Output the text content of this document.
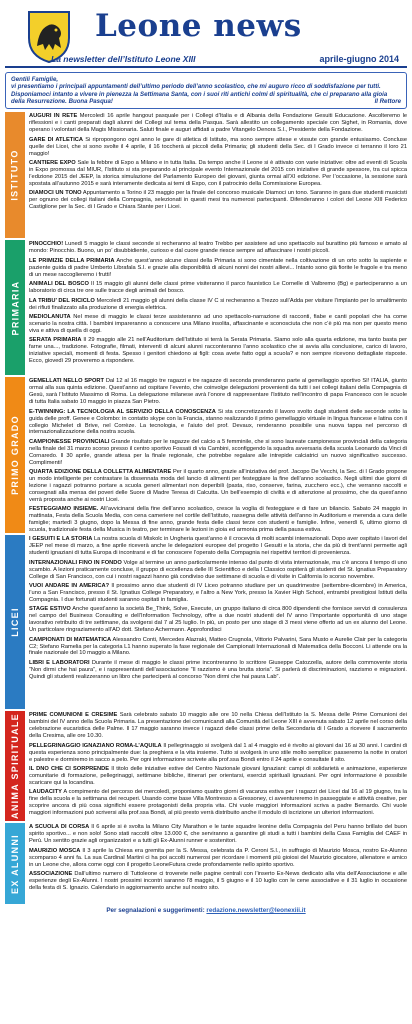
Leone news
La newsletter dell’Istituto Leone XIII	aprile-giugno 2014
Gentili Famiglie,
vi presentiamo i principali appuntamenti dell’ultimo periodo dell’anno scolastico, che mi auguro ricco di soddisfazione per tutti. Disponiamoci intanto a vivere in pienezza la Settimana Santa, con i suoi riti antichi colmi di spiritualità, che ci preparano alla gioia della Resurrezione. Buona Pasqua!	Il Rettore
ISTITUTO
AUGURI IN RETE Mercoledì 16 aprile hangout pasquale per i Collegi d’Italia e di Albania della Fondazione Gesuiti Educazione. Ascolteremo le riflessioni e i canti preparati dagli alunni del Collegi sul tema della Pasqua. Sarà allestito un collegamento speciale con Sighet, in Romania, dove operano i volontari della Magis Missionaria. Saluti finale e auguri affidati a padre Vitangelo Denora S.I., Presidente della Fondazione.
GARE DI ATLETICA Si ripropongono ogni anno le gare di atletica di Istituto, ma sono sempre attese e vissute con grande entusiasmo. Concluse quelle dei Licei, che si sono svolte il 4 aprile, il 16 toccherà ai piccoli della Primaria; gli studenti della Sec. di I Grado invece ci terranno il loro 21 maggio!
CANTIERE EXPO Sale la febbre di Expo a Milano e in tutta Italia. Da tempo anche il Leone si è attivato con varie iniziative: oltre ad eventi di Scuola in Expo promossa dal MIUR, l’Istituto si sta preparando al principale evento Internazionale del 2015 con iniziative di grande spessore, tra cui spicca l’edizione 2015 del JEEP, la storica simulazione del Parlamento Europeo dei giovani, giunta ormai all’XI edizione. Per l’occasione, la sessione sarà spostata all’autunno 2015 e sarà interamente dedicata ai temi di Expo, con il patrocinio della Commissione Europea.
DIAMOCI UN TONO Appuntamento a Torino il 23 maggio per la finale del concorso musicale Diamoci un tono. Saranno in gara due studenti musicisti per ognuno dei collegi italiani della Compagnia, selezionati in questi mesi tra numerosi partecipanti. Difenderanno i colori del Leone XIII Federico Castiglione per la Sec. di I Grado e Chiara Stante per i Licei.
PRIMARIA
PINOCCHIO! Lunedì 5 maggio le classi seconde si recheranno al teatro Trebbo per assistere ad uno spettacolo sul burattino più famoso e amato al mondo: Pinocchio. Buono, un po’ disubbidiente, curioso e dal cuore grande riesce sempre ad affascinare i nostri piccoli.
LE PRIMIZIE DELLA PRIMARIA Anche quest’anno alcune classi della Primaria si sono cimentate nella coltivazione di un orto sotto la sapiente e paziente guida di padre Umberto Librafala S.I. e grazie alla disponibilità di alcuni nonni dei nostri allievi... Intanto sono già fiorite le fragole e tra meno di un mese raccoglieremo i frutti!
ANIMALI DEL BOSCO Il 15 maggio gli alunni delle classi prime visiteranno il parco faunistico Le Cornelle di Valbremo (Bg) e parteciperanno a un laboratorio di circa tre ore sulle tracce degli animali del bosco.
LA TRIBU’ DEL RICICLO Mercoledì 21 maggio gli alunni della classe IV C si recheranno a Trezzo sull’Adda per visitare l’impianto per lo smaltimento dei rifiuti finalizzato alla produzione di energia elettrica.
MEDIOLANUTA Nel mese di maggio le classi terze assisteranno ad uno spettacolo-narrazione di racconti, fiabe e canti popolari che ha come scenario la nostra città. I bambini impareranno a conoscere una Milano insolita, affascinante e sconosciuta che non c’è più ma non per questo meno viva e attiva di quella di oggi.
SERATA PRIMARIA Il 29 maggio alle 21 nell’Auditorium dell’Istituto si terrà la Serata Primaria. Siamo solo alla quarta edizione, ma tanto basta per farne una..., tradizione. Fotografie, filmati, interventi di alcuni alunni racconteranno l’anno scolastico che si avvia alla conclusione, carico di lavoro, iniziative speciali, momenti di festa. Spesso i genitori chiedono ai figli: cosa avete fatto oggi a scuola? e non sempre ricevono dettagliate risposte. Ecco, giovedì 29 proveremo a rispondere.
PRIMO GRADO
GEMELLATI NELLO SPORT Dal 12 al 16 maggio tre ragazzi e tre ragazze di seconda prenderanno parte al gemellaggio sportivo SI! ITALIA, giunto ormai alla sua quinta edizione. Quest’anno ad ospitare l’evento, che coinvolge delegazioni provenienti da tutti i sei collegi italiani della Compagnia di Gesù, sarà l’Istituto Massimo di Roma. La delegazione milanese avrà l’onore di rappresentare l’Istituto nell’incontro di papa Francesco con le scuole di tutta Italia sabato 10 maggio in piazza San Pietro.
E-TWINNING: LA TECNOLOGIA AL SERVIZIO DELLA CONOSCENZA Si sta concretizzando il lavoro svolto dagli studenti delle seconde sotto la guida delle proff. Genee e Colombo: in contatto skype con la Francia, stanno realizzando il primo gemellaggio virtuale in lingua francese e latina con il collegio Michelet di Brive, nel Corrèze. La tecnologia, e l’aiuto del prof. Devaux, renderanno possibile una nuova tappa nel percorso di internazionalizzazione della nostra scuola.
CAMPIONESSE PROVINCIALI Grande risultato per le ragazze del calcio a 5 femminile, che si sono laureate campionesse provinciali della categoria nella finale del 31 marzo scorso presso il centro sportivo Fossati di via Cambini, sconfiggendo la squadra avversaria della scuola Leonardo da Vinci di Cornaredo. Il 30 aprile, grande attesa per la finale regionale, che potrebbe regalare alle intrepide calciatrici un nuovo significativo successo. Complimenti!
QUARTA EDIZIONE DELLA COLLETTA ALIMENTARE Per il quarto anno, grazie all’iniziativa del prof. Jacopo De Vecchi, la Sec. di I Grado propone un modo intelligente per contrastare la dissennata moda del lancio di alimenti per festeggiare la fine dell’anno scolastico. Negli ultimi due giorni di lezione i ragazzi potranno portare a scuola generi alimentari non deperibili (pasta, riso, conserve, farina, zucchero ecc.), che verranno raccolti e consegnati alla mensa dei poveri delle Suore di Madre Teresa di Calcutta. Un bell’esempio di civiltà e di attenzione al prossimo, che da quest’anno verrà proposta anche ai nostri Licei.
FESTEGGIAMO INSIEME. All’avvicinarsi della fine dell’anno scolastico, cresce la voglia di festeggiare e di fare un bilancio. Sabato 24 maggio in mattinata, Festa della Scuola Media, con cena cameriere nel cortile dell’Istituto, rassegna delle attività dell’anno in Auditorium e merenda a cura delle famiglie; martedì 3 giugno, dopo la Messa di fine anno, grande festa delle classi terze con studenti e famiglie. Infine, venerdì 6, ultimo giorno di scuola, tradizionale festa della Musica in teatro, per terminare le lezioni in gioia ed armonia prima della pausa estiva.
LICEI
I GESUITI E LA STORIA La nostra scuola di Miskolc in Ungheria quest’anno è il crocevia di molti scambi internazionali. Dopo aver ospitato i lavori del JEEP nel mese di marzo, a fine aprile riceverà anche le delegazioni europee del progetto I Gesuiti e la storia, che da più di trent’anni permette agli studenti ignaziani di tutta Europa di incontrarsi e di far conoscere l’operato della Compagnia nei rispettivi territori di provenienza.
INTERNAZIONALI FINO IN FONDO Volge al termine un anno particolarmente intenso dal punto di vista internazionale, ma c’è ancora il tempo di uno scambio. A lezioni praticamente concluse, il gruppo di eccellenza delle III Scientifico e della I Classico ospiterà gli studenti del St. Ignatius Preparatory College di San Francisco, con cui i nostri ragazzi hanno già condiviso due settimane di scuola e di visite in California lo scorso novembre.
VUOI ANDARE IN AMERICA? Il prossimo anno due studenti di IV Liceo potranno studiare per un quadrimestre (settembre-dicembre) in America, l’uno a San Francisco, presso il St. Ignatius College Preparatory, e l’altro a New York, presso la Xavier High School, entrambi prestigiosi Istituti della Compagnia. I due fortunati studenti saranno ospitati in famiglia.
STAGE ESTIVO Anche quest’anno la società Be_Think, Solve, Execute, un gruppo italiano di circa 800 dipendenti che fornisce servizi di consulenza nel campo del Business Consulting e dell’Information Technology, offre a due nostri studenti del IV anno l’importante opportunità di uno stage lavorativo retribuito di tre settimane, da svolgersi dal 7 al 25 luglio. In più, un posto per uno stage di 3 mesi viene offerto ad un ex alunno del Leone. Un particolare ringraziamento all’AD dott. Stefano Achermann. Approfondisci
CAMPIONATI DI MATEMATICA Alessandro Conti, Mercedes Alazraki, Matteo Crugnola, Vittorio Palvarini, Sara Musto e Aurelie Clair per la categoria C2; Stefano Ramelia per la categoria L1 hanno superato la fase regionale dei Campionati Internazionali di Matematica della Bocconi. Li attende ora la finale nazionale del 10 maggio a Milano.
LIBRI E LABORATORI Durante il mese di maggio le classi prime incontreranno lo scrittore Giuseppe Catozzella, autore della commovente storia “Non dirmi che hai paura”, e i rappresentanti dell’associazione “Il razzismo è una brutta storia”. Si parlerà di discriminazioni, razzismo e migrazioni. Quindi gli studenti realizzeranno un libro che parteciperà al concorso “Non dirmi che hai paura Lab”.
ANIMA SPIRITUALE PRIME COMUNIONI E CRESIME Sarà celebrato sabato 10 maggio alle ore 10 nella Chiesa dell’Istituto la S. Messa delle Prime Comunioni dei bambini del IV anno della Scuola Primaria. La presentazione dei comunicandi alla Comunità del Leone XIII è avvenuta sabato 12 aprile nel corso della celebrazione eucaristica delle Palme. Il 17 maggio saranno invece i ragazzi delle classi prime della Secondaria di I Grado a ricevere il sacramento della Cresima, alle ore 10.30.
PELLEGRINAGGIO IGNAZIANO ROMA-L’AQUILA Il pellegrinaggio si svolgerà dal 1 al 4 maggio ed è rivolto ai giovani dai 16 ai 30 anni. I cardini di questa esperienza sono principalmente due: la preghiera e la vita insieme. Tutto si svolgerà in uno stile molto semplice: passeremo la notte in oratori e palestre e dormiremo in sacco a pelo. Per ogni informazione scrivete alla prof.ssa Bondi entro il 24 aprile e consultate il sito.
IL DNO CHE CI SORPRENDE Il titolo delle iniziative estive del Centro Nazionale giovani Ignaziani: campi di solidarietà e animazione, esperienze comunitarie di formazione, pellegrinaggi, settimane bibliche, itinerari per orientarsi, esercizi spirituali ignaziani. Per ogni informazione è possibile scaricare qui la locandina.
LAUDACITY A compimento del percorso dei mercoledì, proponiamo quattro giorni di vacanza estiva per i ragazzi dei Licei dal 16 al 19 giugno, tra la fine della scuola e la settimana dei recuperi. Usando come base Villa Montresso a Gressoney, ci avventureremo in passeggiate e attività creative, per scoprire ancora di più cosa significhi essere protagonisti della propria vita. Chi vuole maggiori informazioni scriva a padre Bernardo. Chi vuole maggiori informazioni può scriversi alla prof.ssa Bondi, al più presto verrà distribuito anche il modulo di iscrizione un ulteriori informazioni.
EX ALUNNI
A SCUOLA DI CORSA Il 6 aprile si è svolta la Milano City Marathon e le tante squadre leonine della Compagnia del Peru hanno brillato del buon spirito sportivo... e non solo! Sono stati raccolti oltre 13.000 €, che serviranno a garantire gli studi a tutti i bambini della Casa Famiglia del CAEF in Perù. Un sentito grazie agli organizzatori e a tutti gli Ex-Alunni runner e sostenitori.
MAURIZIO MOSCA Il 3 aprile la Chiesa era gremita per la S. Messa, celebrata da P. Ceroni S.I., in suffragio di Maurizio Mosca, nostro Ex-Alunno scomparso 4 anni fa. La sua Cardinal Martini ci ha poi accolti numerosi per ricordare i momenti più gioiosi del Maurizio giocatore, allenatore e amico in un Leone che, allora come oggi con il progetto LeoneFutura crede profondamente nello spirito sportivo.
ASSOCIAZIONE Dall’ultimo numero di Tuttoleone ci troverete nelle pagine centrali con l’inserto Ex-News dedicato alla vita dell’Associazione e alle esperienze degli Ex-Alunni. I nostri prossimi incontri saranno l’8 maggio, il 5 giugno e il 10 luglio con le cene associative e il 31 luglio in occasione della festa di S. Ignazio. Calendario in aggiornamento anche sul nostro sito.
Per segnalazioni e suggerimenti: redazione.newsletter@leonexiii.it
